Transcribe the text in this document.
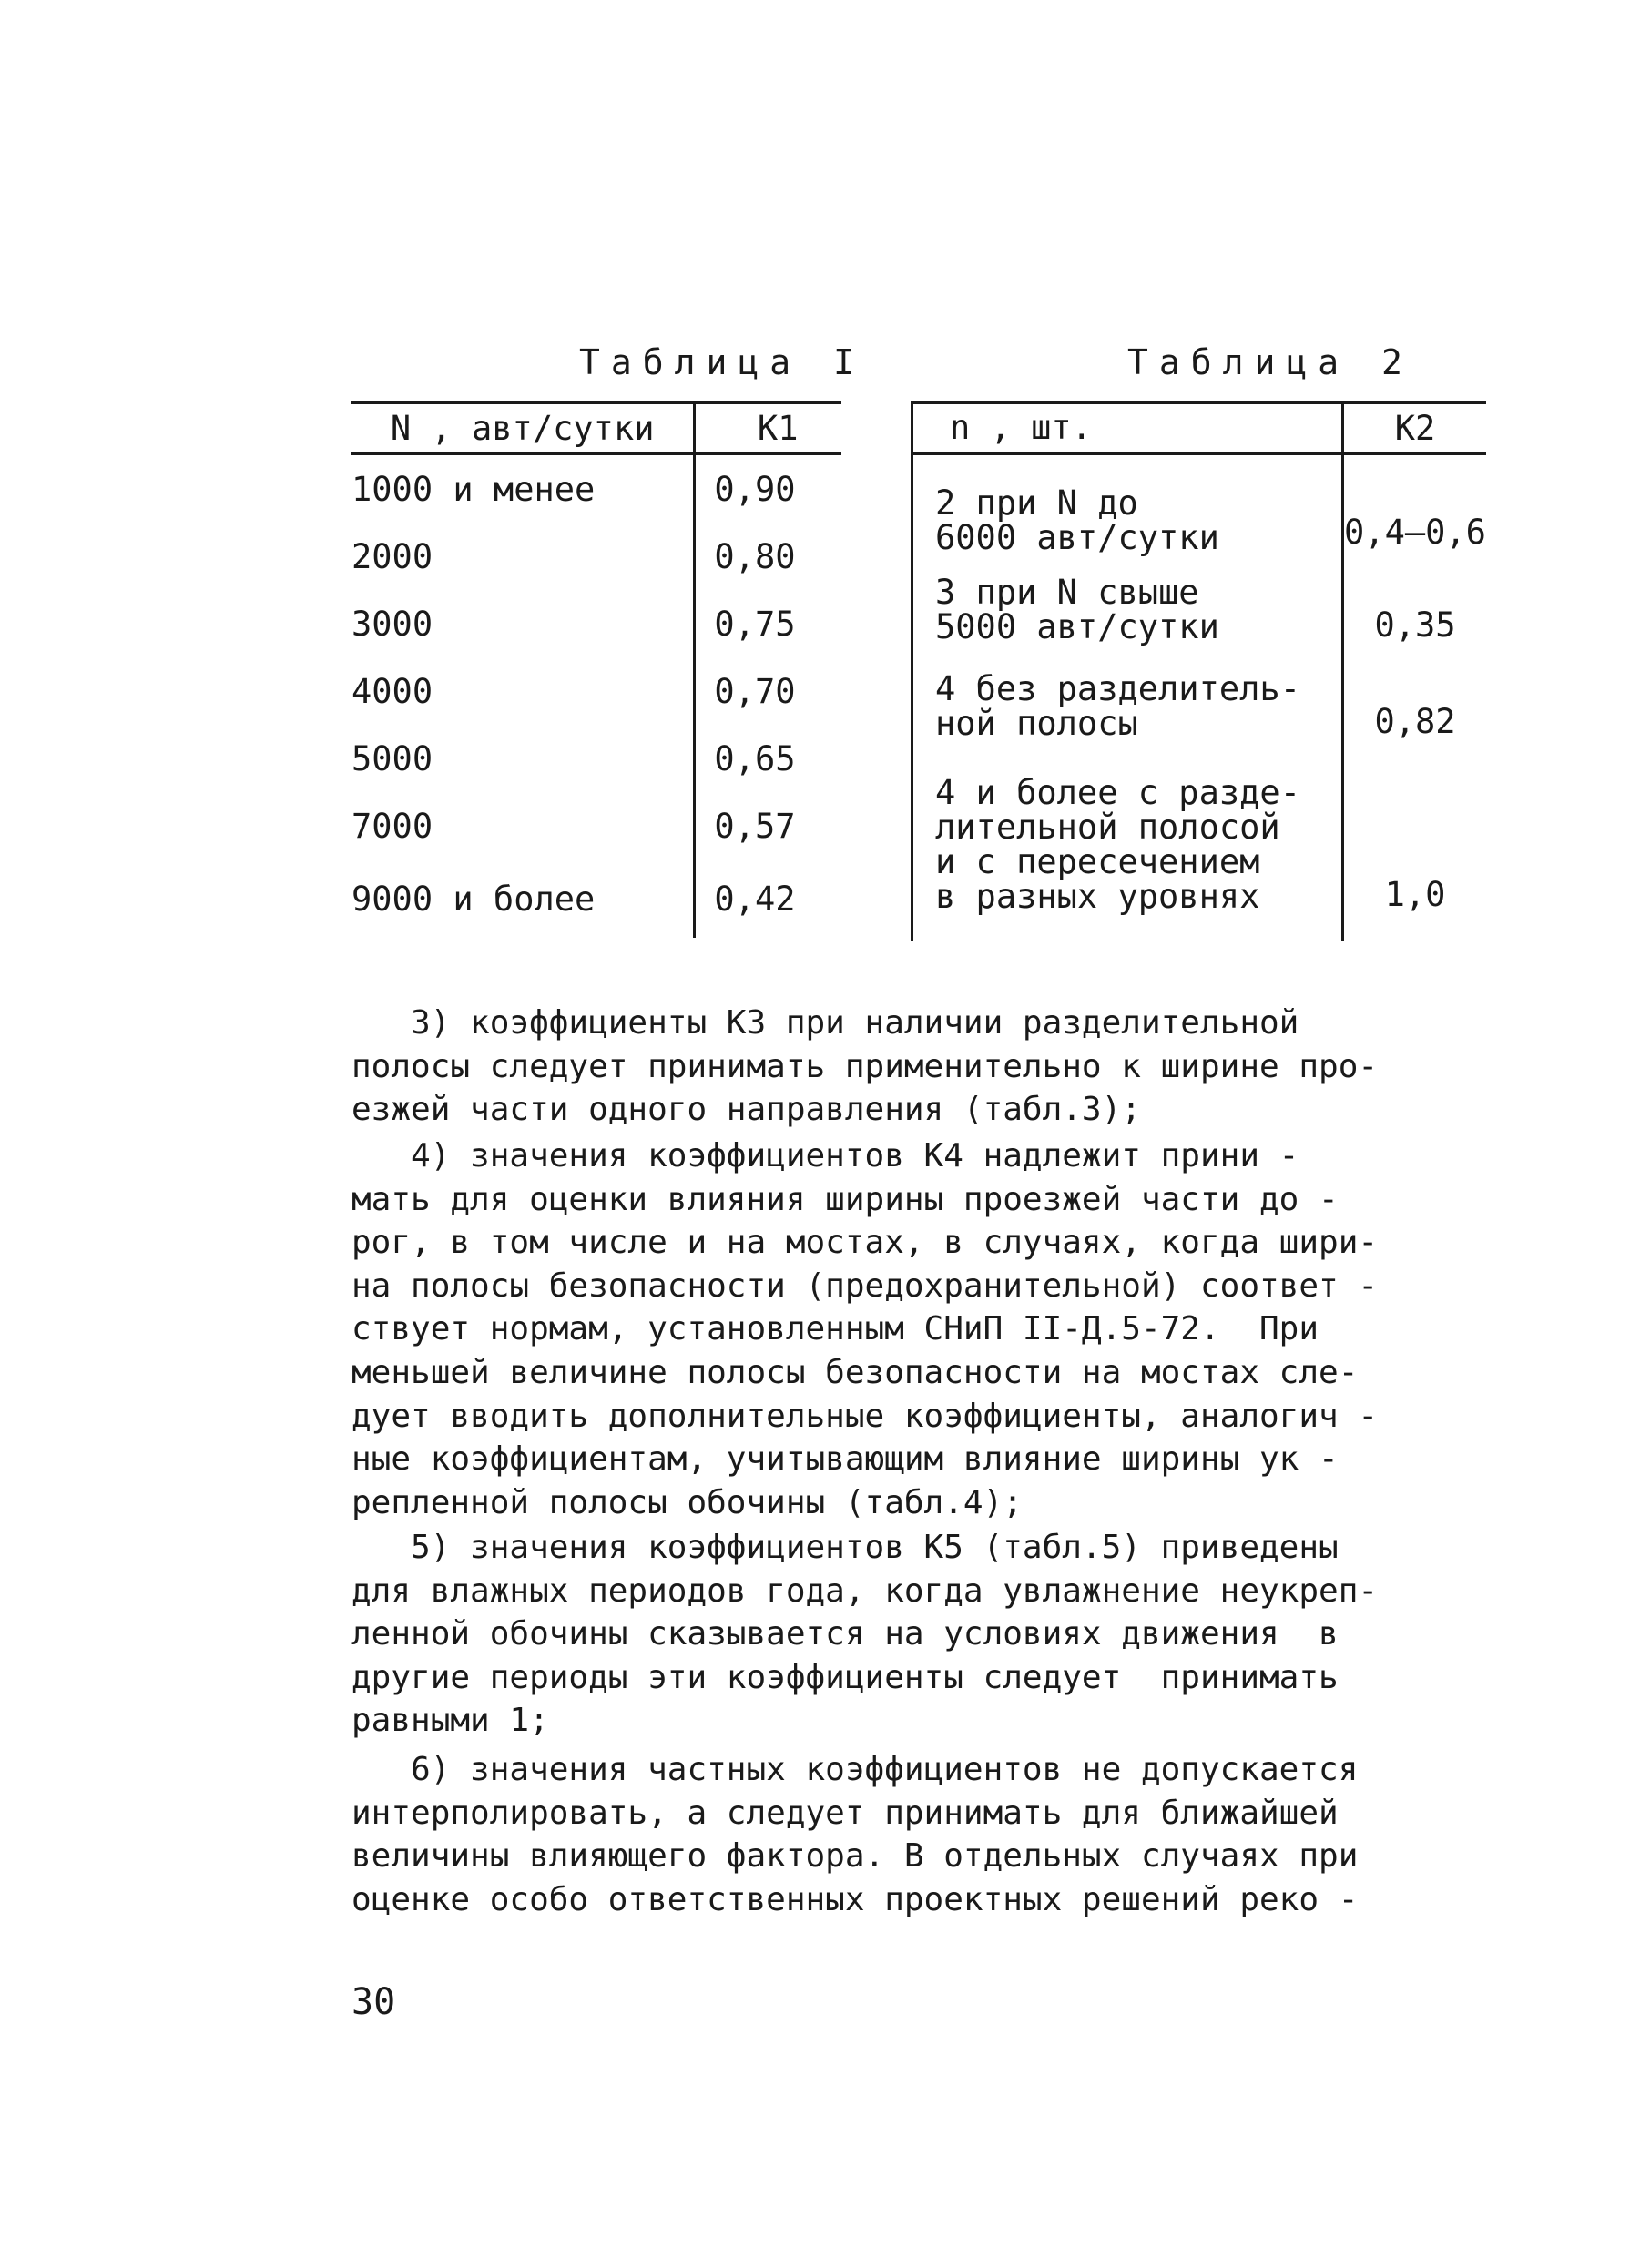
Таблица I	Таблица 2
N , авт/сутки	K1
1000 и менее	0,90
2000	0,80
3000	0,75
4000	0,70
5000	0,65
7000	0,57
9000 и более	0,42
n , шт.	K2
2 при N до
6000 авт/сутки	0,4–0,6
3 при N свыше
5000 авт/сутки	0,35
4 без разделитель-
ной полосы	0,82
4 и более с разде-
лительной полосой
и с пересечением
в разных уровнях	1,0
3) коэффициенты K3 при наличии разделительной
полосы следует принимать применительно к ширине про-
езжей части одного направления (табл.3);
4) значения коэффициентов K4 надлежит прини -
мать для оценки влияния ширины проезжей части до -
рог, в том числе и на мостах, в случаях, когда шири-
на полосы безопасности (предохранительной) соответ -
ствует нормам, установленным СНиП II-Д.5-72.  При
меньшей величине полосы безопасности на мостах сле-
дует вводить дополнительные коэффициенты, аналогич -
ные коэффициентам, учитывающим влияние ширины ук -
репленной полосы обочины (табл.4);
5) значения коэффициентов K5 (табл.5) приведены
для влажных периодов года, когда увлажнение неукреп-
ленной обочины сказывается на условиях движения  в
другие периоды эти коэффициенты следует  принимать
равными 1;
6) значения частных коэффициентов не допускается
интерполировать, а следует принимать для ближайшей
величины влияющего фактора. В отдельных случаях при
оценке особо ответственных проектных решений реко -
30
